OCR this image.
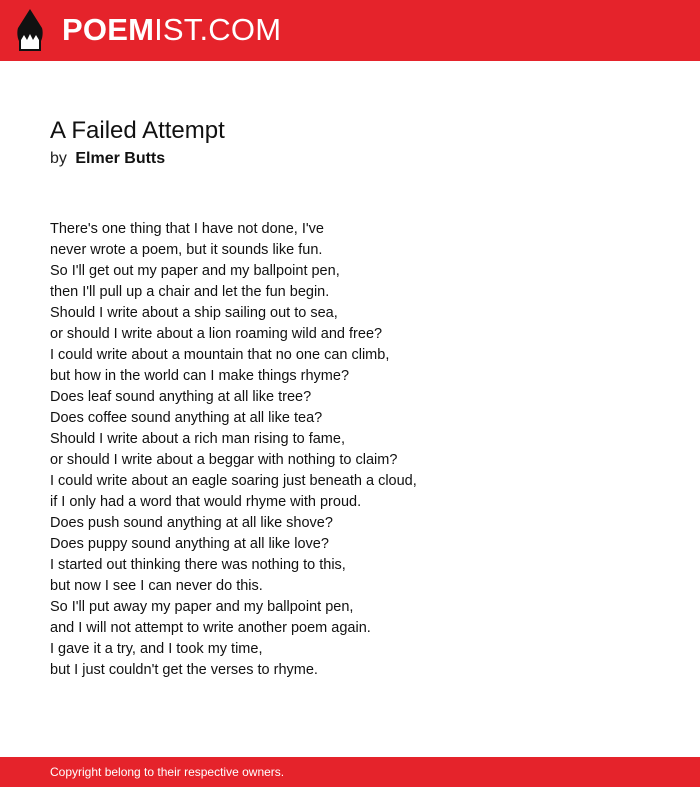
POEMIST.COM
A Failed Attempt
by Elmer Butts
There's one thing that I have not done, I've
never wrote a poem, but it sounds like fun.
So I'll get out my paper and my ballpoint pen,
then I'll pull up a chair and let the fun begin.
Should I write about a ship sailing out to sea,
or should I write about a lion roaming wild and free?
I could write about a mountain that no one can climb,
but how in the world can I make things rhyme?
Does leaf sound anything at all like tree?
Does coffee sound anything at all like tea?
Should I write about a rich man rising to fame,
or should I write about a beggar with nothing to claim?
I could write about an eagle soaring just beneath a cloud,
if I only had a word that would rhyme with proud.
Does push sound anything at all like shove?
Does puppy sound anything at all like love?
I started out thinking there was nothing to this,
but now I see I can never do this.
So I'll put away my paper and my ballpoint pen,
and I will not attempt to write another poem again.
I gave it a try, and I took my time,
but I just couldn't get the verses to rhyme.
Copyright belong to their respective owners.
